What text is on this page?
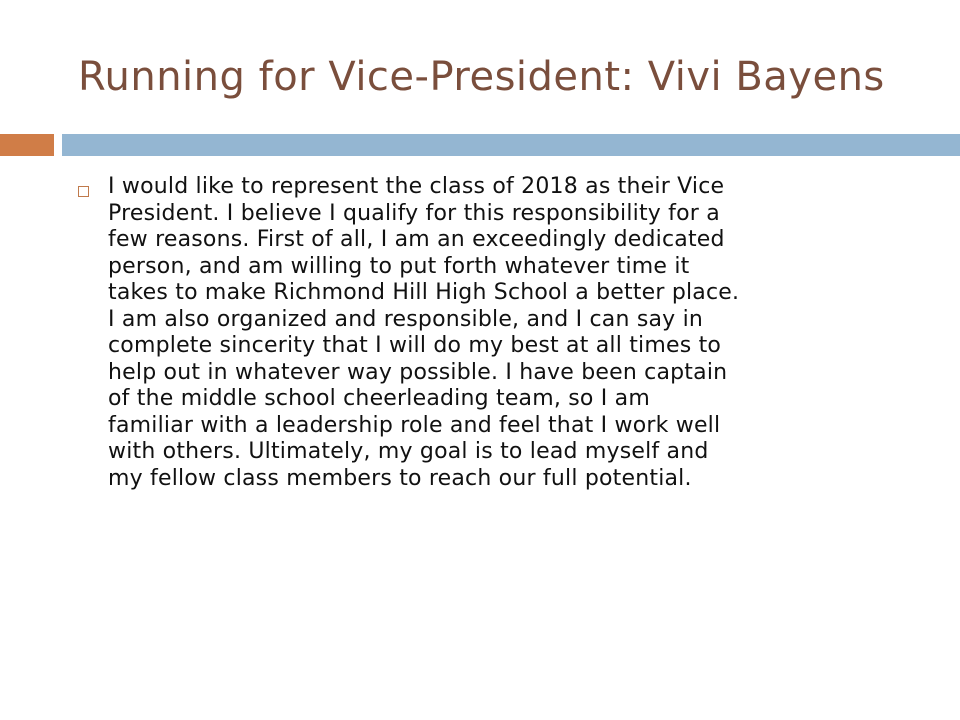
Running for Vice-President: Vivi Bayens
I would like to represent the class of 2018 as their Vice
President. I believe I qualify for this responsibility for a
few reasons. First of all, I am an exceedingly dedicated
person, and am willing to put forth whatever time it
takes to make Richmond Hill High School a better place.
I am also organized and responsible, and I can say in
complete sincerity that I will do my best at all times to
help out in whatever way possible. I have been captain
of the middle school cheerleading team, so I am
familiar with a leadership role and feel that I work well
with others. Ultimately, my goal is to lead myself and
my fellow class members to reach our full potential.
